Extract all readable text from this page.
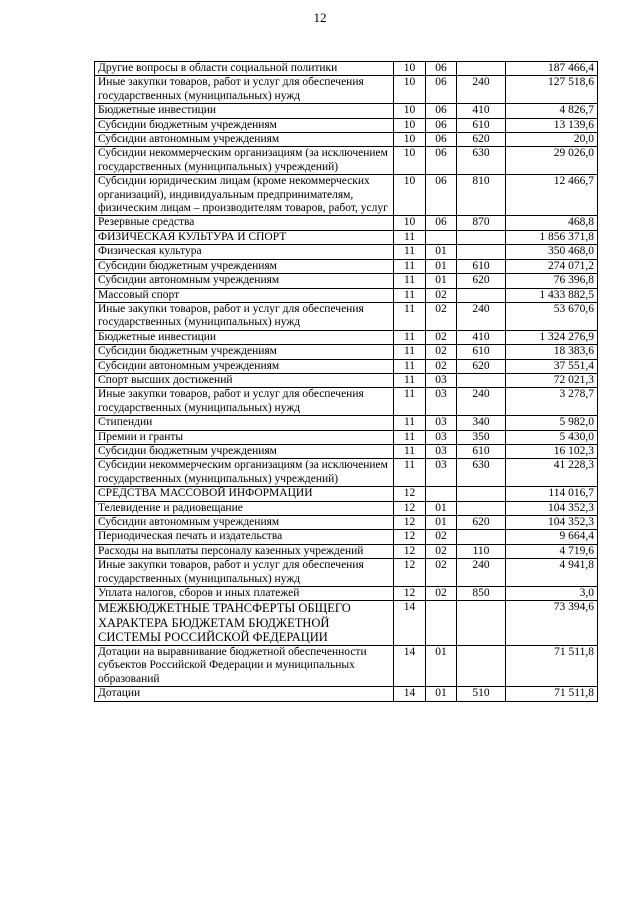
12
Другие вопросы в области социальной политики	10	06		187 466,4
Иные закупки товаров, работ и услуг для обеспечения государственных (муниципальных) нужд	10	06	240	127 518,6
Бюджетные инвестиции	10	06	410	4 826,7
Субсидии бюджетным учреждениям	10	06	610	13 139,6
Субсидии автономным учреждениям	10	06	620	20,0
Субсидии некоммерческим организациям (за исключением государственных (муниципальных) учреждений)	10	06	630	29 026,0
Субсидии юридическим лицам (кроме некоммерческих организаций), индивидуальным предпринимателям, физическим лицам – производителям товаров, работ, услуг	10	06	810	12 466,7
Резервные средства	10	06	870	468,8
ФИЗИЧЕСКАЯ КУЛЬТУРА И СПОРТ	11			1 856 371,8
Физическая культура	11	01		350 468,0
Субсидии бюджетным учреждениям	11	01	610	274 071,2
Субсидии автономным учреждениям	11	01	620	76 396,8
Массовый спорт	11	02		1 433 882,5
Иные закупки товаров, работ и услуг для обеспечения государственных (муниципальных) нужд	11	02	240	53 670,6
Бюджетные инвестиции	11	02	410	1 324 276,9
Субсидии бюджетным учреждениям	11	02	610	18 383,6
Субсидии автономным учреждениям	11	02	620	37 551,4
Спорт высших достижений	11	03		72 021,3
Иные закупки товаров, работ и услуг для обеспечения государственных (муниципальных) нужд	11	03	240	3 278,7
Стипендии	11	03	340	5 982,0
Премии и гранты	11	03	350	5 430,0
Субсидии бюджетным учреждениям	11	03	610	16 102,3
Субсидии некоммерческим организациям (за исключением государственных (муниципальных) учреждений)	11	03	630	41 228,3
СРЕДСТВА МАССОВОЙ ИНФОРМАЦИИ	12			114 016,7
Телевидение и радиовещание	12	01		104 352,3
Субсидии автономным учреждениям	12	01	620	104 352,3
Периодическая печать и издательства	12	02		9 664,4
Расходы на выплаты персоналу казенных учреждений	12	02	110	4 719,6
Иные закупки товаров, работ и услуг для обеспечения государственных (муниципальных) нужд	12	02	240	4 941,8
Уплата налогов, сборов и иных платежей	12	02	850	3,0
МЕЖБЮДЖЕТНЫЕ ТРАНСФЕРТЫ ОБЩЕГО ХАРАКТЕРА БЮДЖЕТАМ БЮДЖЕТНОЙ СИСТЕМЫ РОССИЙСКОЙ ФЕДЕРАЦИИ	14			73 394,6
Дотации на выравнивание бюджетной обеспеченности субъектов Российской Федерации и муниципальных образований	14	01		71 511,8
Дотации	14	01	510	71 511,8
